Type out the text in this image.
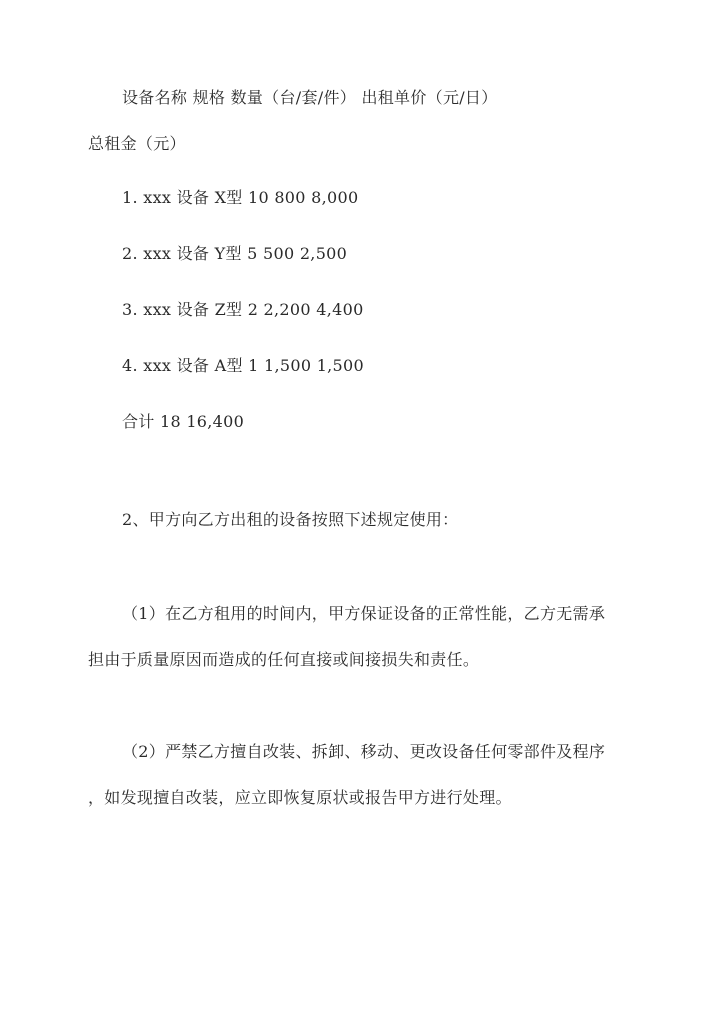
设备名称 规格 数量（台/套/件） 出租单价（元/日）
总租金（元）
1. xxx 设备 X型 10 800 8,000
2. xxx 设备 Y型 5 500 2,500
3. xxx 设备 Z型 2 2,200 4,400
4. xxx 设备 A型 1 1,500 1,500
合计 18 16,400
2、甲方向乙方出租的设备按照下述规定使用：
（1）在乙方租用的时间内，甲方保证设备的正常性能，乙方无需承
担由于质量原因而造成的任何直接或间接损失和责任。
（2）严禁乙方擅自改装、拆卸、移动、更改设备任何零部件及程序
，如发现擅自改装，应立即恢复原状或报告甲方进行处理。
